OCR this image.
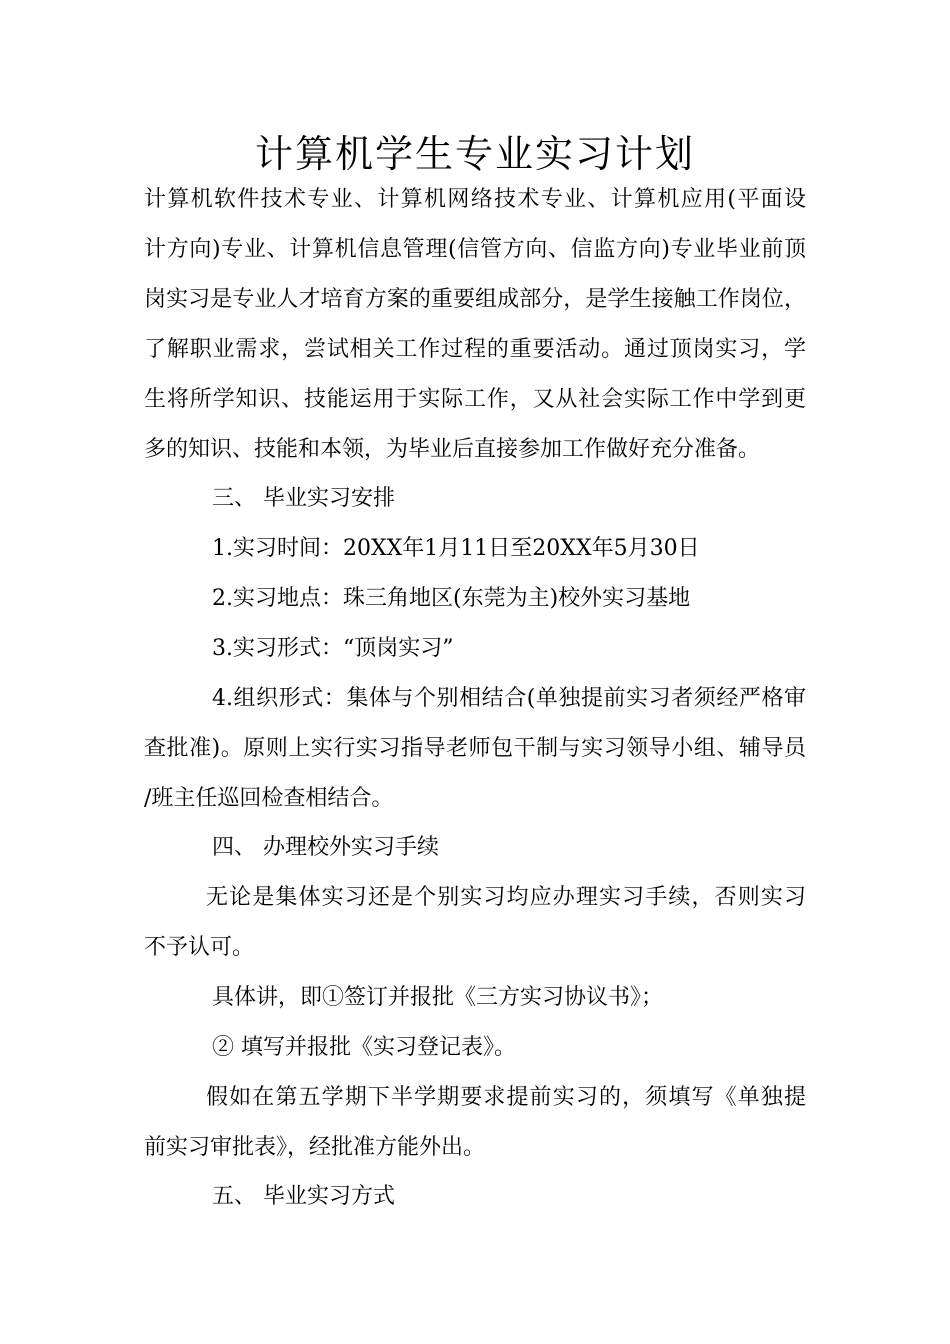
计算机学生专业实习计划

计算机软件技术专业、计算机网络技术专业、计算机应用(平面设

计方向)专业、计算机信息管理(信管方向、信监方向)专业毕业前顶

岗实习是专业人才培育方案的重要组成部分，是学生接触工作岗位，

了解职业需求，尝试相关工作过程的重要活动。通过顶岗实习，学

生将所学知识、技能运用于实际工作，又从社会实际工作中学到更

多的知识、技能和本领，为毕业后直接参加工作做好充分准备。

三、 毕业实习安排

1.实习时间：20XX年1月11日至20XX年5月30日

2.实习地点：珠三角地区(东莞为主)校外实习基地

3.实习形式：“顶岗实习”

4.组织形式：集体与个别相结合(单独提前实习者须经严格审

查批准)。原则上实行实习指导老师包干制与实习领导小组、辅导员

/班主任巡回检查相结合。

四、 办理校外实习手续

无论是集体实习还是个别实习均应办理实习手续，否则实习

不予认可。

具体讲，即①签订并报批《三方实习协议书》；

② 填写并报批《实习登记表》。

假如在第五学期下半学期要求提前实习的，须填写《单独提

前实习审批表》，经批准方能外出。

五、 毕业实习方式
